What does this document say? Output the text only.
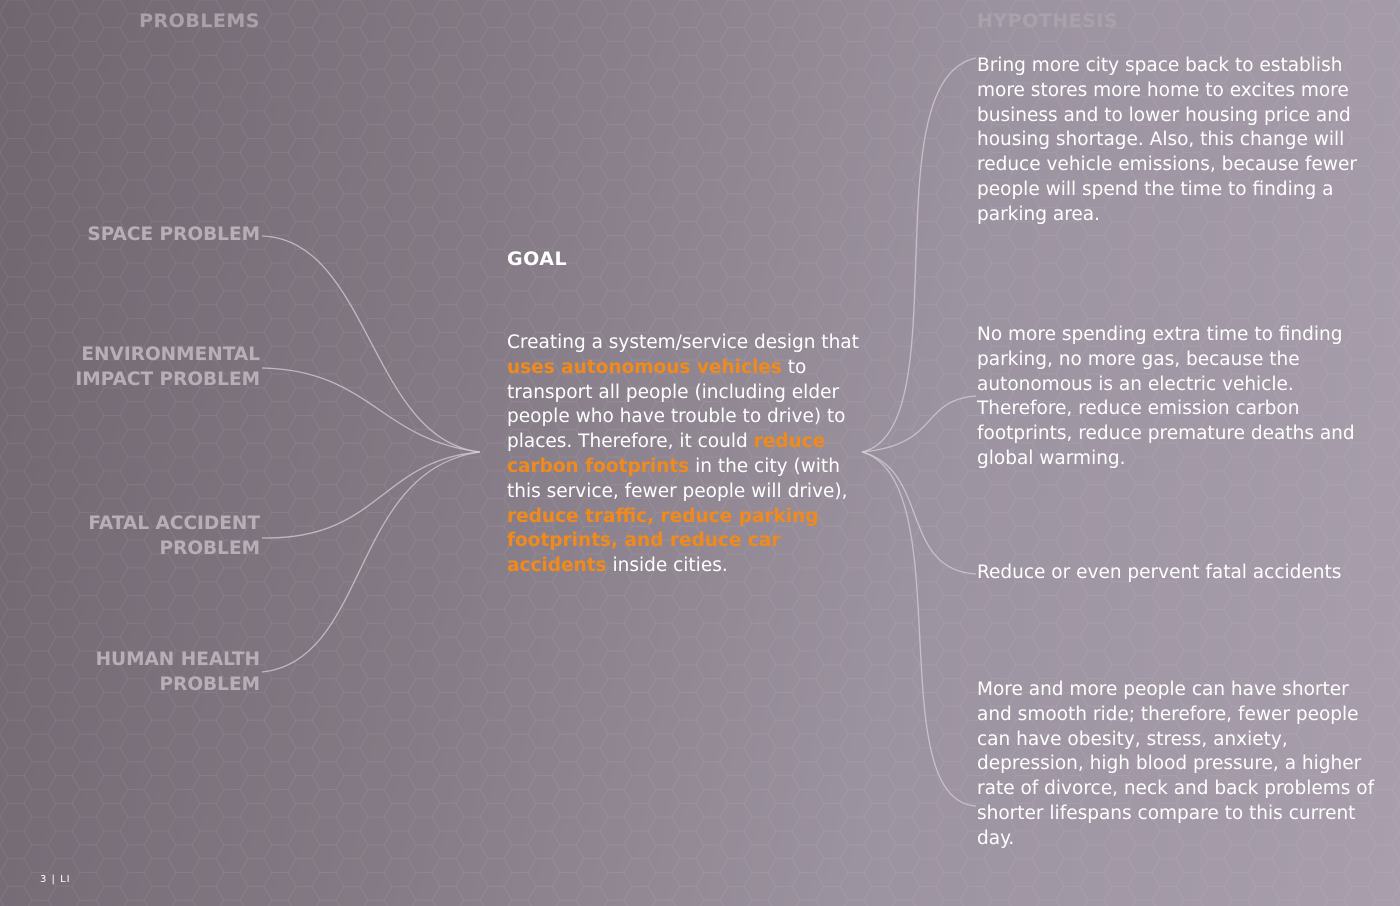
PROBLEMS

SPACE PROBLEM

ENVIRONMENTAL IMPACT PROBLEM

FATAL ACCIDENT PROBLEM

HUMAN HEALTH PROBLEM

GOAL

Creating a system/service design that uses autonomous vehicles to transport all people (including elder people who have trouble to drive) to places. Therefore, it could reduce carbon footprints in the city (with this service, fewer people will drive), reduce traffic, reduce parking footprints, and reduce car accidents inside cities.

HYPOTHESIS

Bring more city space back to establish more stores more home to excites more business and to lower housing price and housing shortage. Also, this change will reduce vehicle emissions, because fewer people will spend the time to finding a parking area.

No more spending extra time to finding parking, no more gas, because the autonomous is an electric vehicle. Therefore, reduce emission carbon footprints, reduce premature deaths and global warming.

Reduce or even pervent fatal accidents

More and more people can have shorter and smooth ride; therefore, fewer people can have obesity, stress, anxiety, depression, high blood pressure, a higher rate of divorce, neck and back problems of shorter lifespans compare to this current day.

3 | LI
